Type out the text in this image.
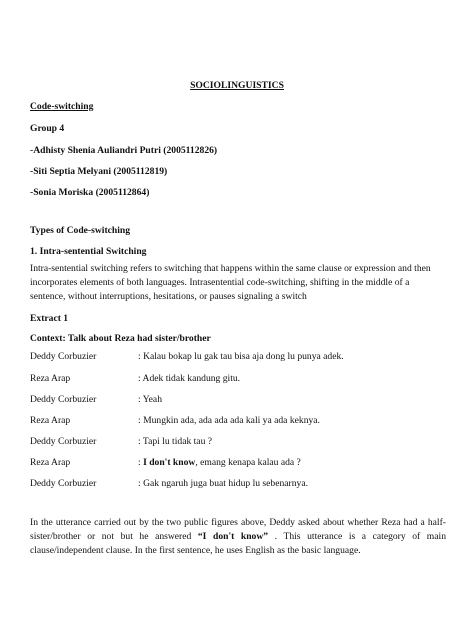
SOCIOLINGUISTICS
Code-switching
Group 4
-Adhisty Shenia Auliandri Putri (2005112826)
-Siti Septia Melyani (2005112819)
-Sonia Moriska (2005112864)
Types of Code-switching
1. Intra-sentential Switching
Intra-sentential switching refers to switching that happens within the same clause or expression and then incorporates elements of both languages. Intrasentential code-switching, shifting in the middle of a sentence, without interruptions, hesitations, or pauses signaling a switch
Extract 1
Context: Talk about Reza had sister/brother
Deddy Corbuzier	: Kalau bokap lu gak tau bisa aja dong lu punya adek.
Reza Arap	: Adek tidak kandung gitu.
Deddy Corbuzier	: Yeah
Reza Arap	: Mungkin ada, ada ada ada kali ya ada keknya.
Deddy Corbuzier	: Tapi lu tidak tau ?
Reza Arap	: I don't know, emang kenapa kalau ada ?
Deddy Corbuzier	: Gak ngaruh juga buat hidup lu sebenarnya.
In the utterance carried out by the two public figures above, Deddy asked about whether Reza had a half-sister/brother or not but he answered “I don't know” . This utterance is a category of main clause/independent clause. In the first sentence, he uses English as the basic language.
